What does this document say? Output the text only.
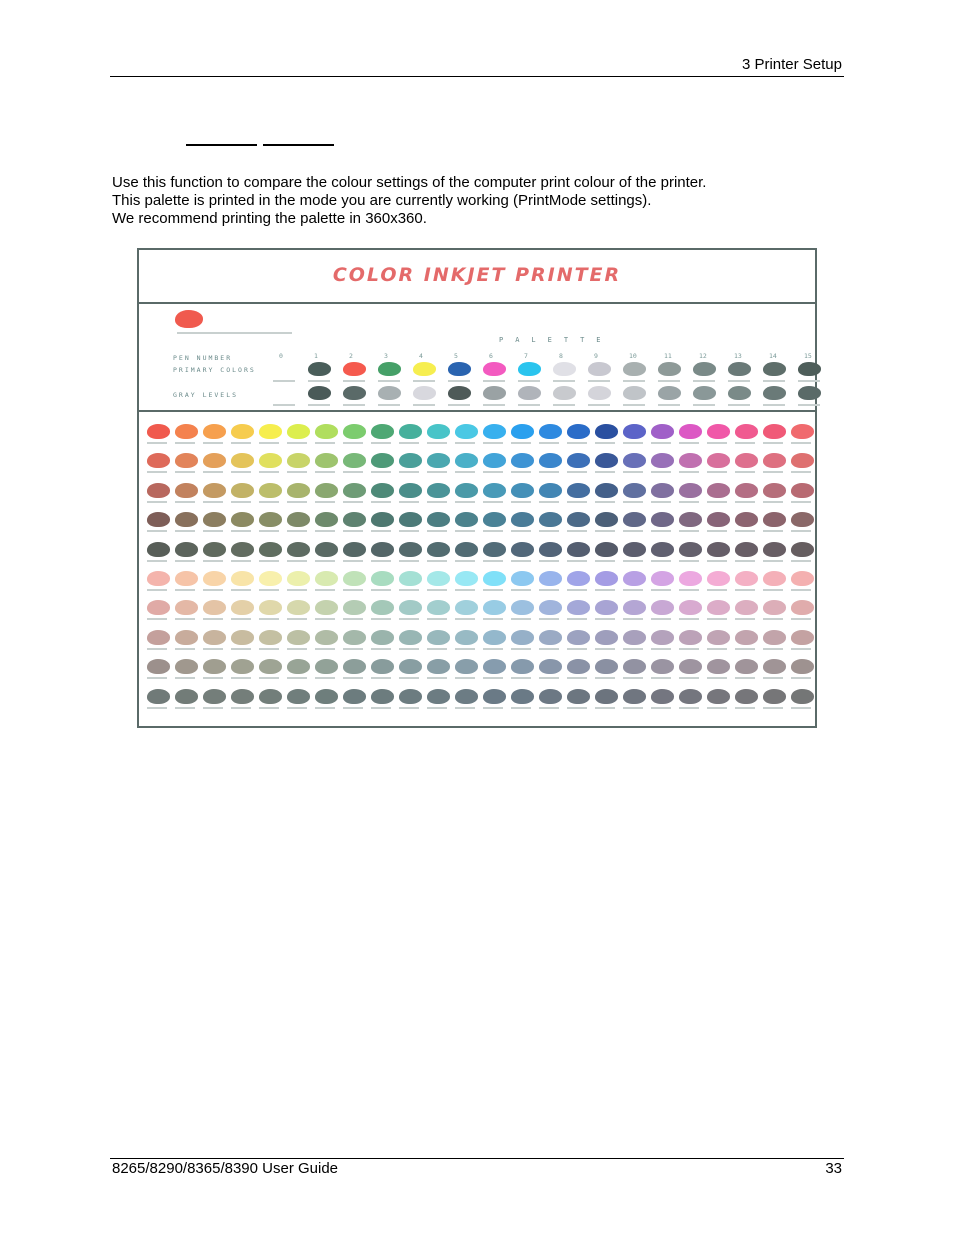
3 Printer Setup
Use this function to compare the colour settings of the computer print colour of the printer.
This palette is printed in the mode you are currently working (PrintMode settings).
We recommend printing the palette in 360x360.
COLOR INKJET PRINTER
PALETTE
PEN NUMBER
PRIMARY COLORS
GRAY LEVELS
0	1	2	3	4	5	6	7	8	9	10	11	12	13	14	15
8265/8290/8365/8390 User Guide	33
